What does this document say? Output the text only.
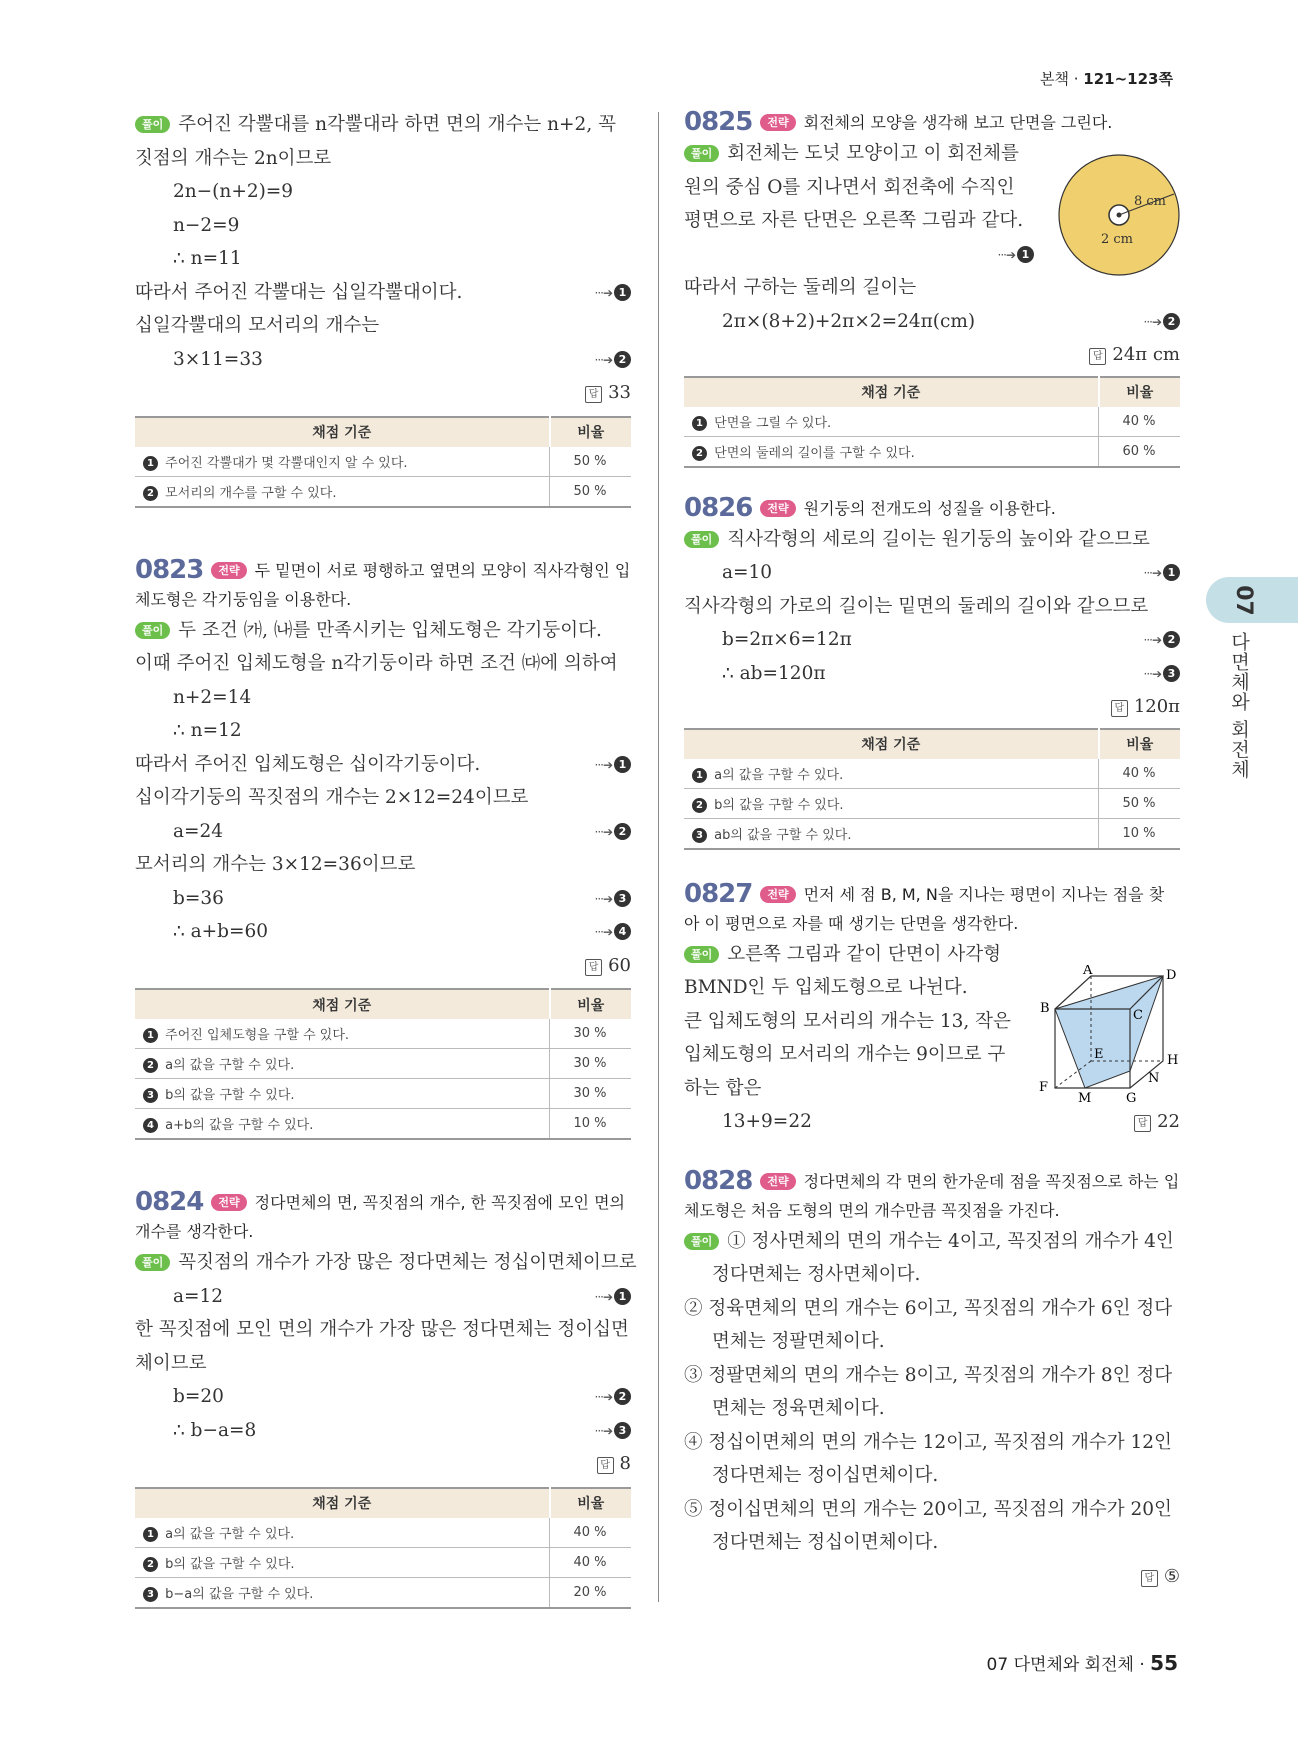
본책 · 121~123쪽
풀이 주어진 각뿔대를 n각뿔대라 하면 면의 개수는 n+2, 꼭
짓점의 개수는 2n이므로
2n−(n+2)=9
n−2=9
∴ n=11
따라서 주어진 각뿔대는 십일각뿔대이다.	···➔ 1
십일각뿔대의 모서리의 개수는
3×11=33	···➔ 2
답 33
채점 기준	비율
1 주어진 각뿔대가 몇 각뿔대인지 알 수 있다.	50 %
2 모서리의 개수를 구할 수 있다.	50 %
0823 전략 두 밑면이 서로 평행하고 옆면의 모양이 직사각형인 입
체도형은 각기둥임을 이용한다.
풀이 두 조건 ㈎, ㈏를 만족시키는 입체도형은 각기둥이다.
이때 주어진 입체도형을 n각기둥이라 하면 조건 ㈐에 의하여
n+2=14
∴ n=12
따라서 주어진 입체도형은 십이각기둥이다.	···➔ 1
십이각기둥의 꼭짓점의 개수는 2×12=24이므로
a=24	···➔ 2
모서리의 개수는 3×12=36이므로
b=36	···➔ 3
∴ a+b=60	···➔ 4
답 60
채점 기준	비율
1 주어진 입체도형을 구할 수 있다.	30 %
2 a의 값을 구할 수 있다.	30 %
3 b의 값을 구할 수 있다.	30 %
4 a+b의 값을 구할 수 있다.	10 %
0824 전략 정다면체의 면, 꼭짓점의 개수, 한 꼭짓점에 모인 면의
개수를 생각한다.
풀이 꼭짓점의 개수가 가장 많은 정다면체는 정십이면체이므로
a=12	···➔ 1
한 꼭짓점에 모인 면의 개수가 가장 많은 정다면체는 정이십면
체이므로
b=20	···➔ 2
∴ b−a=8	···➔ 3
답 8
채점 기준	비율
1 a의 값을 구할 수 있다.	40 %
2 b의 값을 구할 수 있다.	40 %
3 b−a의 값을 구할 수 있다.	20 %
0825 전략 회전체의 모양을 생각해 보고 단면을 그린다.
풀이 회전체는 도넛 모양이고 이 회전체를
원의 중심 O를 지나면서 회전축에 수직인
평면으로 자른 단면은 오른쪽 그림과 같다.
···➔ 1
따라서 구하는 둘레의 길이는
2π×(8+2)+2π×2=24π(cm)	···➔ 2
답 24π cm
채점 기준	비율
1 단면을 그릴 수 있다.	40 %
2 단면의 둘레의 길이를 구할 수 있다.	60 %
0826 전략 원기둥의 전개도의 성질을 이용한다.
풀이 직사각형의 세로의 길이는 원기둥의 높이와 같으므로
a=10	···➔ 1
직사각형의 가로의 길이는 밑면의 둘레의 길이와 같으므로
b=2π×6=12π	···➔ 2
∴ ab=120π	···➔ 3
답 120π
채점 기준	비율
1 a의 값을 구할 수 있다.	40 %
2 b의 값을 구할 수 있다.	50 %
3 ab의 값을 구할 수 있다.	10 %
0827 전략 먼저 세 점 B, M, N을 지나는 평면이 지나는 점을 찾
아 이 평면으로 자를 때 생기는 단면을 생각한다.
풀이 오른쪽 그림과 같이 단면이 사각형
BMND인 두 입체도형으로 나뉜다.
큰 입체도형의 모서리의 개수는 13, 작은
입체도형의 모서리의 개수는 9이므로 구
하는 합은
13+9=22	답 22
0828 전략 정다면체의 각 면의 한가운데 점을 꼭짓점으로 하는 입
체도형은 처음 도형의 면의 개수만큼 꼭짓점을 가진다.
풀이 ① 정사면체의 면의 개수는 4이고, 꼭짓점의 개수가 4인
정다면체는 정사면체이다.
② 정육면체의 면의 개수는 6이고, 꼭짓점의 개수가 6인 정다
면체는 정팔면체이다.
③ 정팔면체의 면의 개수는 8이고, 꼭짓점의 개수가 8인 정다
면체는 정육면체이다.
④ 정십이면체의 면의 개수는 12이고, 꼭짓점의 개수가 12인
정다면체는 정이십면체이다.
⑤ 정이십면체의 면의 개수는 20이고, 꼭짓점의 개수가 20인
정다면체는 정십이면체이다.
답 ⑤
8 cm
2 cm
A	D
B	C
E	H
N
F
M	G
07
다면체와 회전체
07 다면체와 회전체 · 55
